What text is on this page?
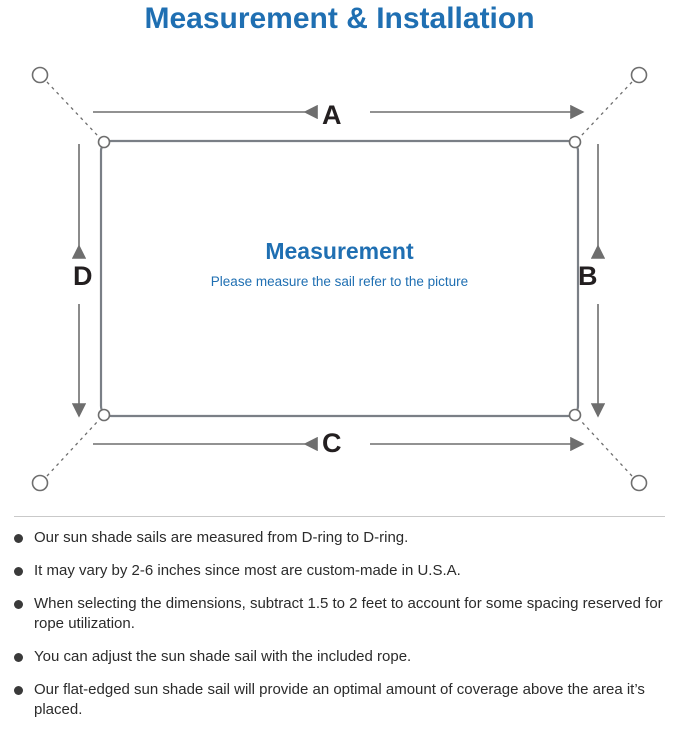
Measurement & Installation
A
B
C
D
Measurement
Please measure the sail refer to the picture
Our sun shade sails are measured from D-ring to D-ring.
It may vary by 2-6 inches since most are custom-made in U.S.A.
When selecting the dimensions, subtract 1.5 to 2 feet to account for some spacing reserved for rope utilization.
You can adjust the sun shade sail with the included rope.
Our flat-edged sun shade sail will provide an optimal amount of coverage above the area it’s placed.
